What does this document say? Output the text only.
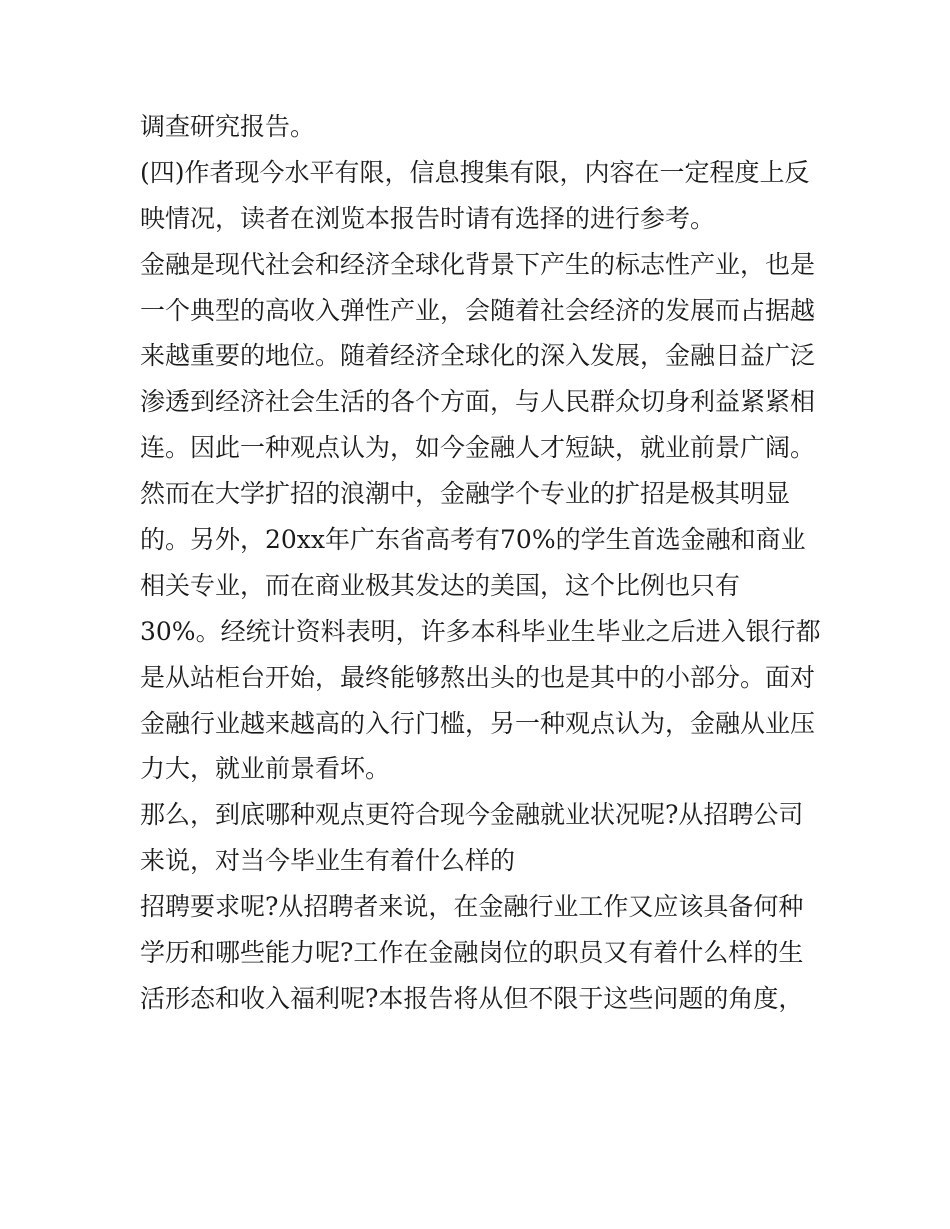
调查研究报告。

(四)作者现今水平有限，信息搜集有限，内容在一定程度上反

映情况，读者在浏览本报告时请有选择的进行参考。

金融是现代社会和经济全球化背景下产生的标志性产业，也是

一个典型的高收入弹性产业，会随着社会经济的发展而占据越

来越重要的地位。随着经济全球化的深入发展，金融日益广泛

渗透到经济社会生活的各个方面，与人民群众切身利益紧紧相

连。因此一种观点认为，如今金融人才短缺，就业前景广阔。

然而在大学扩招的浪潮中，金融学个专业的扩招是极其明显

的。另外，20xx年广东省高考有70%的学生首选金融和商业

相关专业，而在商业极其发达的美国，这个比例也只有

30%。经统计资料表明，许多本科毕业生毕业之后进入银行都

是从站柜台开始，最终能够熬出头的也是其中的小部分。面对

金融行业越来越高的入行门槛，另一种观点认为，金融从业压

力大，就业前景看坏。

那么，到底哪种观点更符合现今金融就业状况呢?从招聘公司

来说，对当今毕业生有着什么样的

招聘要求呢?从招聘者来说，在金融行业工作又应该具备何种

学历和哪些能力呢?工作在金融岗位的职员又有着什么样的生

活形态和收入福利呢?本报告将从但不限于这些问题的角度，
